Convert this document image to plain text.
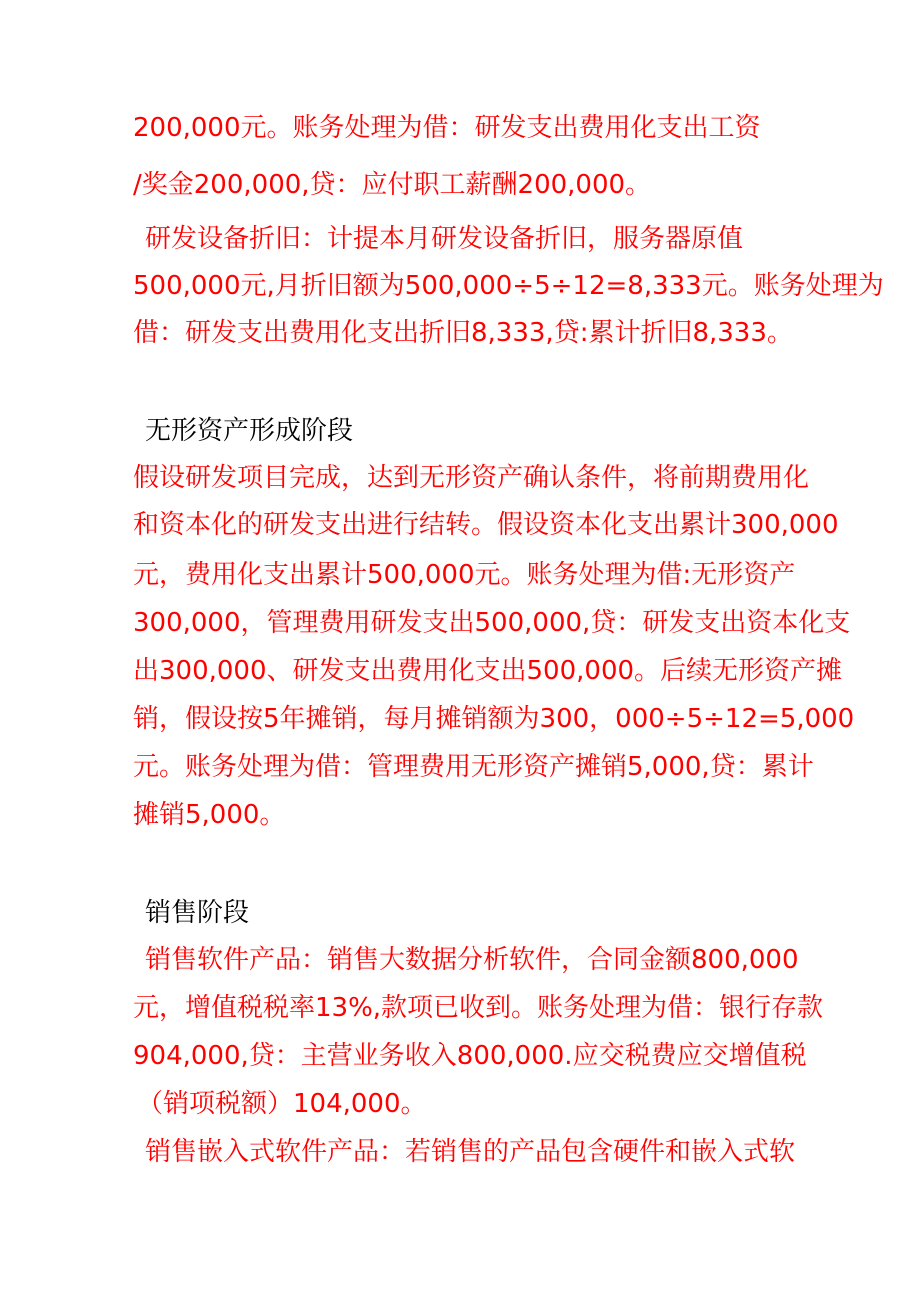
200,000元。账务处理为借：研发支出费用化支出工资
/奖金200,000,贷：应付职工薪酬200,000。
研发设备折旧：计提本月研发设备折旧，服务器原值
500,000元,月折旧额为500,000÷5÷12=8,333元。账务处理为
借：研发支出费用化支出折旧8,333,贷:累计折旧8,333。
无形资产形成阶段
假设研发项目完成，达到无形资产确认条件，将前期费用化
和资本化的研发支出进行结转。假设资本化支出累计300,000
元，费用化支出累计500,000元。账务处理为借:无形资产
300,000，管理费用研发支出500,000,贷：研发支出资本化支
出300,000、研发支出费用化支出500,000。后续无形资产摊
销，假设按5年摊销，每月摊销额为300，000÷5÷12=5,000
元。账务处理为借：管理费用无形资产摊销5,000,贷：累计
摊销5,000。
销售阶段
销售软件产品：销售大数据分析软件，合同金额800,000
元，增值税税率13%,款项已收到。账务处理为借：银行存款
904,000,贷：主营业务收入800,000.应交税费应交增值税
（销项税额）104,000。
销售嵌入式软件产品：若销售的产品包含硬件和嵌入式软
